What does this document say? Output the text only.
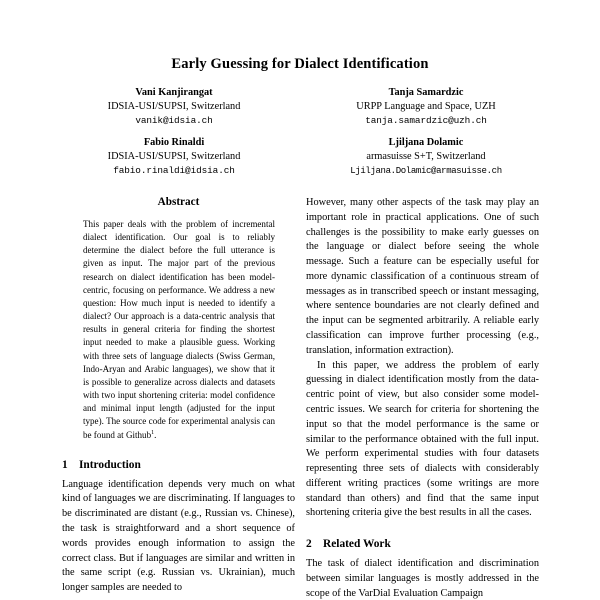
Early Guessing for Dialect Identification
Vani Kanjirangat
IDSIA-USI/SUPSI, Switzerland
vanik@idsia.ch
Tanja Samardzic
URPP Language and Space, UZH
tanja.samardzic@uzh.ch
Fabio Rinaldi
IDSIA-USI/SUPSI, Switzerland
fabio.rinaldi@idsia.ch
Ljiljana Dolamic
armasuisse S+T, Switzerland
Ljiljana.Dolamic@armasuisse.ch
Abstract

This paper deals with the problem of incremental dialect identification. Our goal is to reliably determine the dialect before the full utterance is given as input. The major part of the previous research on dialect identification has been model-centric, focusing on performance. We address a new question: How much input is needed to identify a dialect? Our approach is a data-centric analysis that results in general criteria for finding the shortest input needed to make a plausible guess. Working with three sets of language dialects (Swiss German, Indo-Aryan and Arabic languages), we show that it is possible to generalize across dialects and datasets with two input shortening criteria: model confidence and minimal input length (adjusted for the input type). The source code for experimental analysis can be found at Github$^1$.

1 Introduction

Language identification depends very much on what kind of languages we are discriminating. If languages to be discriminated are distant (e.g., Russian vs. Chinese), the task is straightforward and a short sequence of words provides enough information to assign the correct class. But if languages are similar and written in the same script (e.g. Russian vs. Ukrainian), much longer samples are needed to

However, many other aspects of the task may play an important role in practical applications. One of such challenges is the possibility to make early guesses on the language or dialect before seeing the whole message. Such a feature can be especially useful for more dynamic classification of a continuous stream of messages as in transcribed speech or instant messaging, where sentence boundaries are not clearly defined and the input can be segmented arbitrarily. A reliable early classification can improve further processing (e.g., translation, information extraction).

In this paper, we address the problem of early guessing in dialect identification mostly from the data-centric point of view, but also consider some model-centric issues. We search for criteria for shortening the input so that the model performance is the same or similar to the performance obtained with the full input. We perform experimental studies with four datasets representing three sets of dialects with considerably different writing practices (some writings are more standard than others) and find that the same input shortening criteria give the best results in all the cases.

2 Related Work

The task of dialect identification and discrimination between similar languages is mostly addressed in the scope of the VarDial Evaluation Campaign
